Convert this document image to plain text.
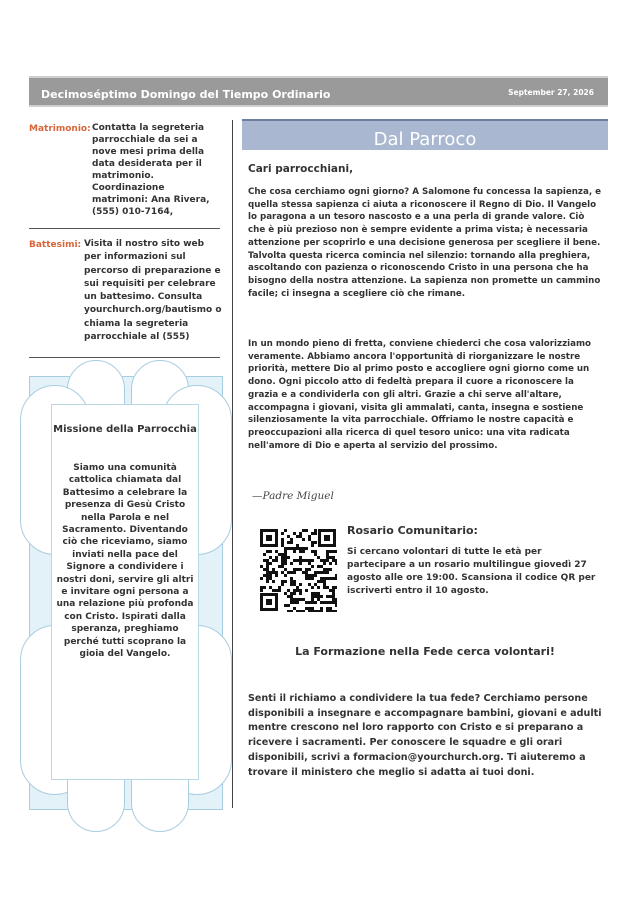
Decimoséptimo Domingo del Tiempo Ordinario	September 27, 2026
Matrimonio: Contatta la segreteria parrocchiale da sei a nove mesi prima della data desiderata per il matrimonio. Coordinazione matrimoni: Ana Rivera, (555) 010-7164,
Battesimi: Visita il nostro sito web per informazioni sul percorso di preparazione e sui requisiti per celebrare un battesimo. Consulta yourchurch.org/bautismo o chiama la segreteria parrocchiale al (555)
Missione della Parrocchia
Siamo una comunità cattolica chiamata dal Battesimo a celebrare la presenza di Gesù Cristo nella Parola e nel Sacramento. Diventando ciò che riceviamo, siamo inviati nella pace del Signore a condividere i nostri doni, servire gli altri e invitare ogni persona a una relazione più profonda con Cristo. Ispirati dalla speranza, preghiamo perché tutti scoprano la gioia del Vangelo.
Dal Parroco
Cari parrocchiani,
Che cosa cerchiamo ogni giorno? A Salomone fu concessa la sapienza, e quella stessa sapienza ci aiuta a riconoscere il Regno di Dio. Il Vangelo lo paragona a un tesoro nascosto e a una perla di grande valore. Ciò che è più prezioso non è sempre evidente a prima vista; è necessaria attenzione per scoprirlo e una decisione generosa per scegliere il bene. Talvolta questa ricerca comincia nel silenzio: tornando alla preghiera, ascoltando con pazienza o riconoscendo Cristo in una persona che ha bisogno della nostra attenzione. La sapienza non promette un cammino facile; ci insegna a scegliere ciò che rimane.
In un mondo pieno di fretta, conviene chiederci che cosa valorizziamo veramente. Abbiamo ancora l'opportunità di riorganizzare le nostre priorità, mettere Dio al primo posto e accogliere ogni giorno come un dono. Ogni piccolo atto di fedeltà prepara il cuore a riconoscere la grazia e a condividerla con gli altri. Grazie a chi serve all'altare, accompagna i giovani, visita gli ammalati, canta, insegna e sostiene silenziosamente la vita parrocchiale. Offriamo le nostre capacità e preoccupazioni alla ricerca di quel tesoro unico: una vita radicata nell'amore di Dio e aperta al servizio del prossimo.
—Padre Miguel
Rosario Comunitario:
Si cercano volontari di tutte le età per partecipare a un rosario multilingue giovedì 27 agosto alle ore 19:00. Scansiona il codice QR per iscriverti entro il 10 agosto.
La Formazione nella Fede cerca volontari!
Senti il richiamo a condividere la tua fede? Cerchiamo persone disponibili a insegnare e accompagnare bambini, giovani e adulti mentre crescono nel loro rapporto con Cristo e si preparano a ricevere i sacramenti. Per conoscere le squadre e gli orari disponibili, scrivi a formacion@yourchurch.org. Ti aiuteremo a trovare il ministero che meglio si adatta ai tuoi doni.
